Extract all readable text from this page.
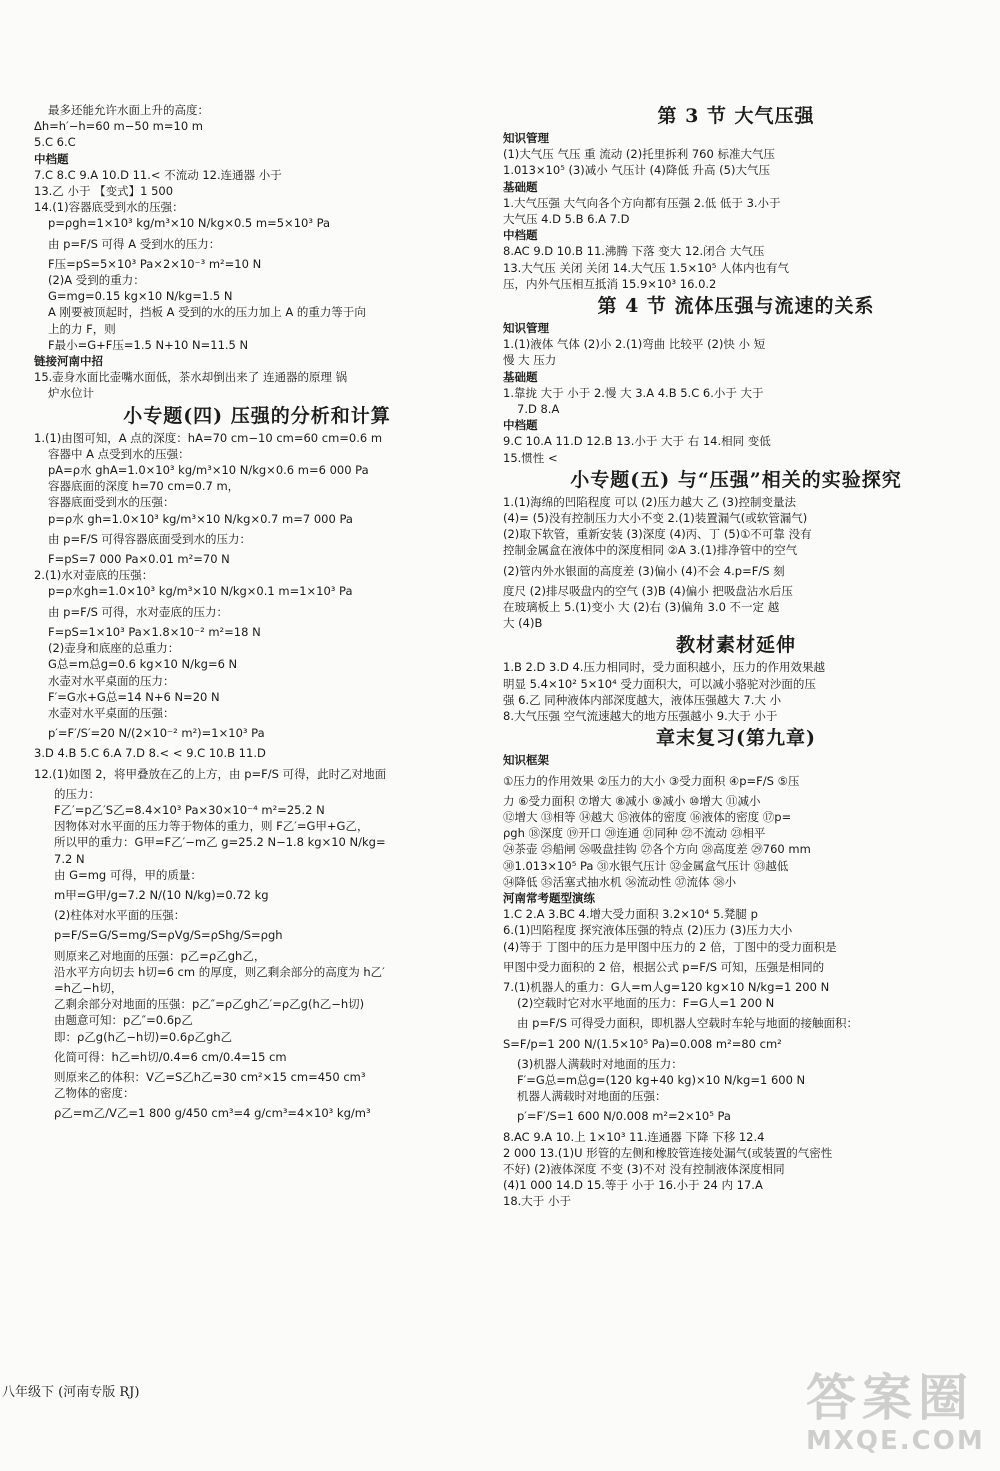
最多还能允许水面上升的高度：
Δh=h′−h=60 m−50 m=10 m
5.C 6.C
中档题
7.C 8.C 9.A 10.D 11.< 不流动 12.连通器 小于
13.乙 小于 【变式】1 500
14.(1)容器底受到水的压强：
p=ρgh=1×10³ kg/m³×10 N/kg×0.5 m=5×10³ Pa
由 p=F/S 可得 A 受到水的压力：
F压=pS=5×10³ Pa×2×10⁻³ m²=10 N
(2)A 受到的重力：
G=mg=0.15 kg×10 N/kg=1.5 N
A 刚要被顶起时，挡板 A 受到的水的压力加上 A 的重力等于向
上的力 F，则
F最小=G+F压=1.5 N+10 N=11.5 N
链接河南中招
15.壶身水面比壶嘴水面低，茶水却倒出来了 连通器的原理 锅
炉水位计
小专题(四) 压强的分析和计算
1.(1)由图可知，A 点的深度：hA=70 cm−10 cm=60 cm=0.6 m
容器中 A 点受到水的压强：
pA=ρ水 ghA=1.0×10³ kg/m³×10 N/kg×0.6 m=6 000 Pa
容器底面的深度 h=70 cm=0.7 m，
容器底面受到水的压强：
p=ρ水 gh=1.0×10³ kg/m³×10 N/kg×0.7 m=7 000 Pa
由 p=F/S 可得容器底面受到水的压力：
F=pS=7 000 Pa×0.01 m²=70 N
2.(1)水对壶底的压强：
p=ρ水gh=1.0×10³ kg/m³×10 N/kg×0.1 m=1×10³ Pa
由 p=F/S 可得，水对壶底的压力：
F=pS=1×10³ Pa×1.8×10⁻² m²=18 N
(2)壶身和底座的总重力：
G总=m总g=0.6 kg×10 N/kg=6 N
水壶对水平桌面的压力：
F′=G水+G总=14 N+6 N=20 N
水壶对水平桌面的压强：
p′=F′/S′=20 N/(2×10⁻² m²)=1×10³ Pa
3.D 4.B 5.C 6.A 7.D 8.< < 9.C 10.B 11.D
12.(1)如图 2，将甲叠放在乙的上方，由 p=F/S 可得，此时乙对地面
的压力：
F乙′=p乙′S乙=8.4×10³ Pa×30×10⁻⁴ m²=25.2 N
因物体对水平面的压力等于物体的重力，则 F乙′=G甲+G乙，
所以甲的重力：G甲=F乙′−m乙 g=25.2 N−1.8 kg×10 N/kg=
7.2 N
由 G=mg 可得，甲的质量：
m甲=G甲/g=7.2 N/(10 N/kg)=0.72 kg
(2)柱体对水平面的压强：
p=F/S=G/S=mg/S=ρVg/S=ρShg/S=ρgh
则原来乙对地面的压强：p乙=ρ乙gh乙，
沿水平方向切去 h切=6 cm 的厚度，则乙剩余部分的高度为 h乙′
=h乙−h切，
乙剩余部分对地面的压强：p乙″=ρ乙gh乙′=ρ乙g(h乙−h切)
由题意可知：p乙″=0.6p乙
即：ρ乙g(h乙−h切)=0.6ρ乙gh乙
化简可得：h乙=h切/0.4=6 cm/0.4=15 cm
则原来乙的体积：V乙=S乙h乙=30 cm²×15 cm=450 cm³
乙物体的密度：
ρ乙=m乙/V乙=1 800 g/450 cm³=4 g/cm³=4×10³ kg/m³
第 3 节 大气压强
知识管理
(1)大气压 气压 重 流动 (2)托里拆利 760 标准大气压
1.013×10⁵ (3)减小 气压计 (4)降低 升高 (5)大气压
基础题
1.大气压强 大气向各个方向都有压强 2.低 低于 3.小于
大气压 4.D 5.B 6.A 7.D
中档题
8.AC 9.D 10.B 11.沸腾 下落 变大 12.闭合 大气压
13.大气压 关闭 关闭 14.大气压 1.5×10⁵ 人体内也有气
压，内外气压相互抵消 15.9×10³ 16.0.2
第 4 节 流体压强与流速的关系
知识管理
1.(1)液体 气体 (2)小 2.(1)弯曲 比较平 (2)快 小 短
慢 大 压力
基础题
1.靠拢 大于 小于 2.慢 大 3.A 4.B 5.C 6.小于 大于
7.D 8.A
中档题
9.C 10.A 11.D 12.B 13.小于 大于 右 14.相同 变低
15.惯性 <
小专题(五) 与“压强”相关的实验探究
1.(1)海绵的凹陷程度 可以 (2)压力越大 乙 (3)控制变量法
(4)= (5)没有控制压力大小不变 2.(1)装置漏气(或软管漏气)
(2)取下软管，重新安装 (3)深度 (4)丙、丁 (5)①不可靠 没有
控制金属盒在液体中的深度相同 ②A 3.(1)排净管中的空气
(2)管内外水银面的高度差 (3)偏小 (4)不会 4.p=F/S 刻
度尺 (2)排尽吸盘内的空气 (3)B (4)偏小 把吸盘沾水后压
在玻璃板上 5.(1)变小 大 (2)右 (3)偏角 3.0 不一定 越
大 (4)B
教材素材延伸
1.B 2.D 3.D 4.压力相同时，受力面积越小，压力的作用效果越
明显 5.4×10² 5×10⁴ 受力面积大，可以减小骆驼对沙面的压
强 6.乙 同种液体内部深度越大，液体压强越大 7.大 小
8.大气压强 空气流速越大的地方压强越小 9.大于 小于
章末复习(第九章)
知识框架
①压力的作用效果 ②压力的大小 ③受力面积 ④p=F/S ⑤压
力 ⑥受力面积 ⑦增大 ⑧减小 ⑨减小 ⑩增大 ⑪减小
⑫增大 ⑬相等 ⑭越大 ⑮液体的密度 ⑯液体的密度 ⑰p=
ρgh ⑱深度 ⑲开口 ⑳连通 ㉑同种 ㉒不流动 ㉓相平
㉔茶壶 ㉕船闸 ㉖吸盘挂钩 ㉗各个方向 ㉘高度差 ㉙760 mm
㉚1.013×10⁵ Pa ㉛水银气压计 ㉜金属盒气压计 ㉝越低
㉞降低 ㉟活塞式抽水机 ㊱流动性 ㊲流体 ㊳小
河南常考题型演练
1.C 2.A 3.BC 4.增大受力面积 3.2×10⁴ 5.凳腿 p
6.(1)凹陷程度 探究液体压强的特点 (2)压力 (3)压力大小
(4)等于 丁图中的压力是甲图中压力的 2 倍，丁图中的受力面积是
甲图中受力面积的 2 倍，根据公式 p=F/S 可知，压强是相同的
7.(1)机器人的重力：G人=m人g=120 kg×10 N/kg=1 200 N
(2)空载时它对水平地面的压力：F=G人=1 200 N
由 p=F/S 可得受力面积，即机器人空载时车轮与地面的接触面积：
S=F/p=1 200 N/(1.5×10⁵ Pa)=0.008 m²=80 cm²
(3)机器人满载时对地面的压力：
F′=G总=m总g=(120 kg+40 kg)×10 N/kg=1 600 N
机器人满载时对地面的压强：
p′=F′/S=1 600 N/0.008 m²=2×10⁵ Pa
8.AC 9.A 10.上 1×10³ 11.连通器 下降 下移 12.4
2 000 13.(1)U 形管的左侧和橡胶管连接处漏气(或装置的气密性
不好) (2)液体深度 不变 (3)不对 没有控制液体深度相同
(4)1 000 14.D 15.等于 小于 16.小于 24 内 17.A
18.大于 小于
八年级下 (河南专版 RJ)	答案圈
MXQE.COM
